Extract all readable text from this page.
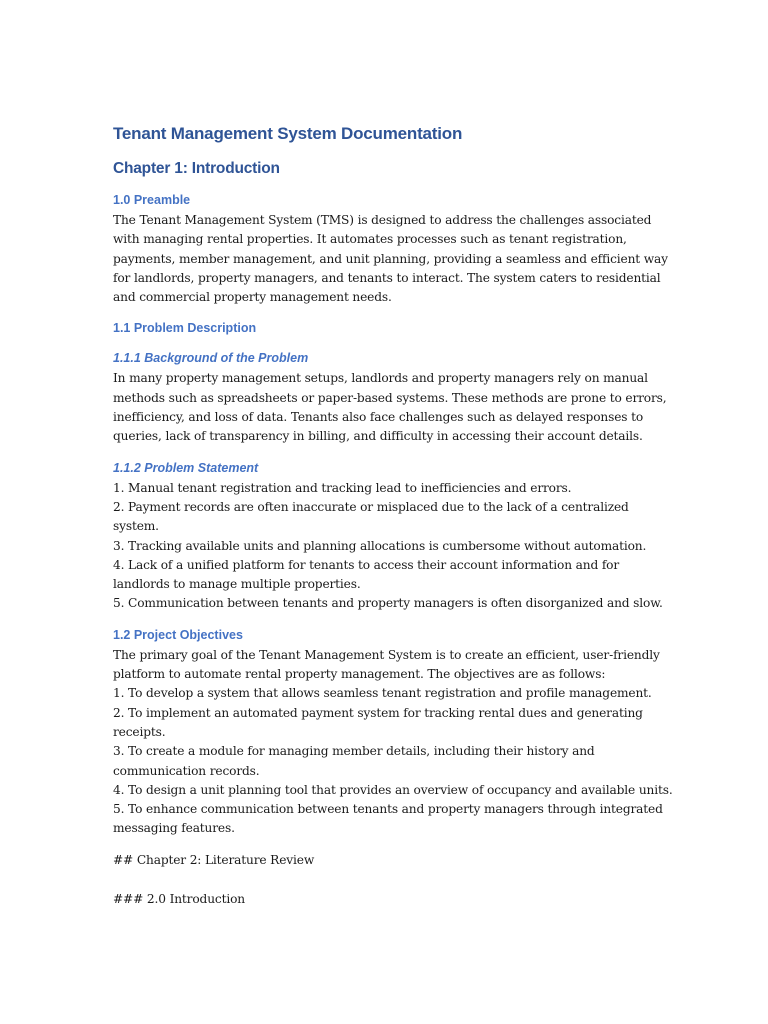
Tenant Management System Documentation
Chapter 1: Introduction
1.0 Preamble

The Tenant Management System (TMS) is designed to address the challenges associated with managing rental properties. It automates processes such as tenant registration, payments, member management, and unit planning, providing a seamless and efficient way for landlords, property managers, and tenants to interact. The system caters to residential and commercial property management needs.

1.1 Problem Description
1.1.1 Background of the Problem

In many property management setups, landlords and property managers rely on manual methods such as spreadsheets or paper-based systems. These methods are prone to errors, inefficiency, and loss of data. Tenants also face challenges such as delayed responses to queries, lack of transparency in billing, and difficulty in accessing their account details.

1.1.2 Problem Statement
1. Manual tenant registration and tracking lead to inefficiencies and errors.
2. Payment records are often inaccurate or misplaced due to the lack of a centralized system.
3. Tracking available units and planning allocations is cumbersome without automation.
4. Lack of a unified platform for tenants to access their account information and for landlords to manage multiple properties.
5. Communication between tenants and property managers is often disorganized and slow.
1.2 Project Objectives

The primary goal of the Tenant Management System is to create an efficient, user-friendly platform to automate rental property management. The objectives are as follows:

1. To develop a system that allows seamless tenant registration and profile management.
2. To implement an automated payment system for tracking rental dues and generating receipts.
3. To create a module for managing member details, including their history and communication records.
4. To design a unit planning tool that provides an overview of occupancy and available units.
5. To enhance communication between tenants and property managers through integrated messaging features.

## Chapter 2: Literature Review

### 2.0 Introduction
